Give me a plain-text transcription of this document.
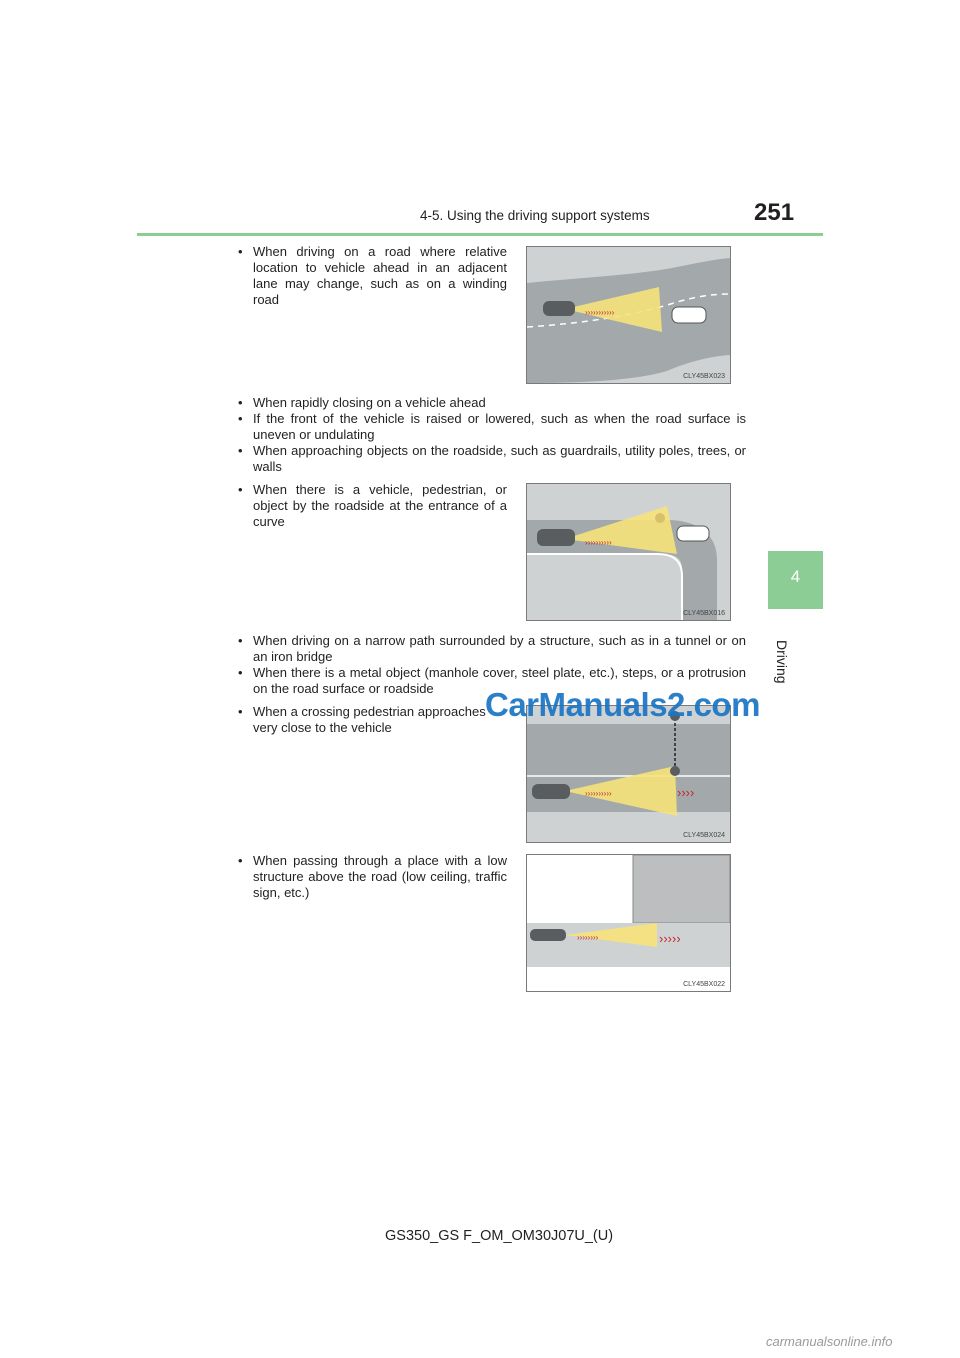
4-5. Using the driving support systems	251
4
Driving
• When driving on a road where relative location to vehicle ahead in an adjacent lane may change, such as on a winding road
›››››››››››
CLY45BX023
• When rapidly closing on a vehicle ahead
• If the front of the vehicle is raised or lowered, such as when the road surface is uneven or undulating
• When approaching objects on the roadside, such as guardrails, utility poles, trees, or walls
• When there is a vehicle, pedestrian, or object by the roadside at the entrance of a curve
››››››››››
CLY45BX016
• When driving on a narrow path surrounded by a structure, such as in a tunnel or on an iron bridge
• When there is a metal object (manhole cover, steel plate, etc.), steps, or a protrusion on the road surface or roadside
• When a crossing pedestrian approaches very close to the vehicle
››››››››››	››››
CLY45BX024
• When passing through a place with a low structure above the road (low ceiling, traffic sign, etc.)
››››››››	›››››
CLY45BX022
CarManuals2.com
GS350_GS F_OM_OM30J07U_(U)
carmanualsonline.info
